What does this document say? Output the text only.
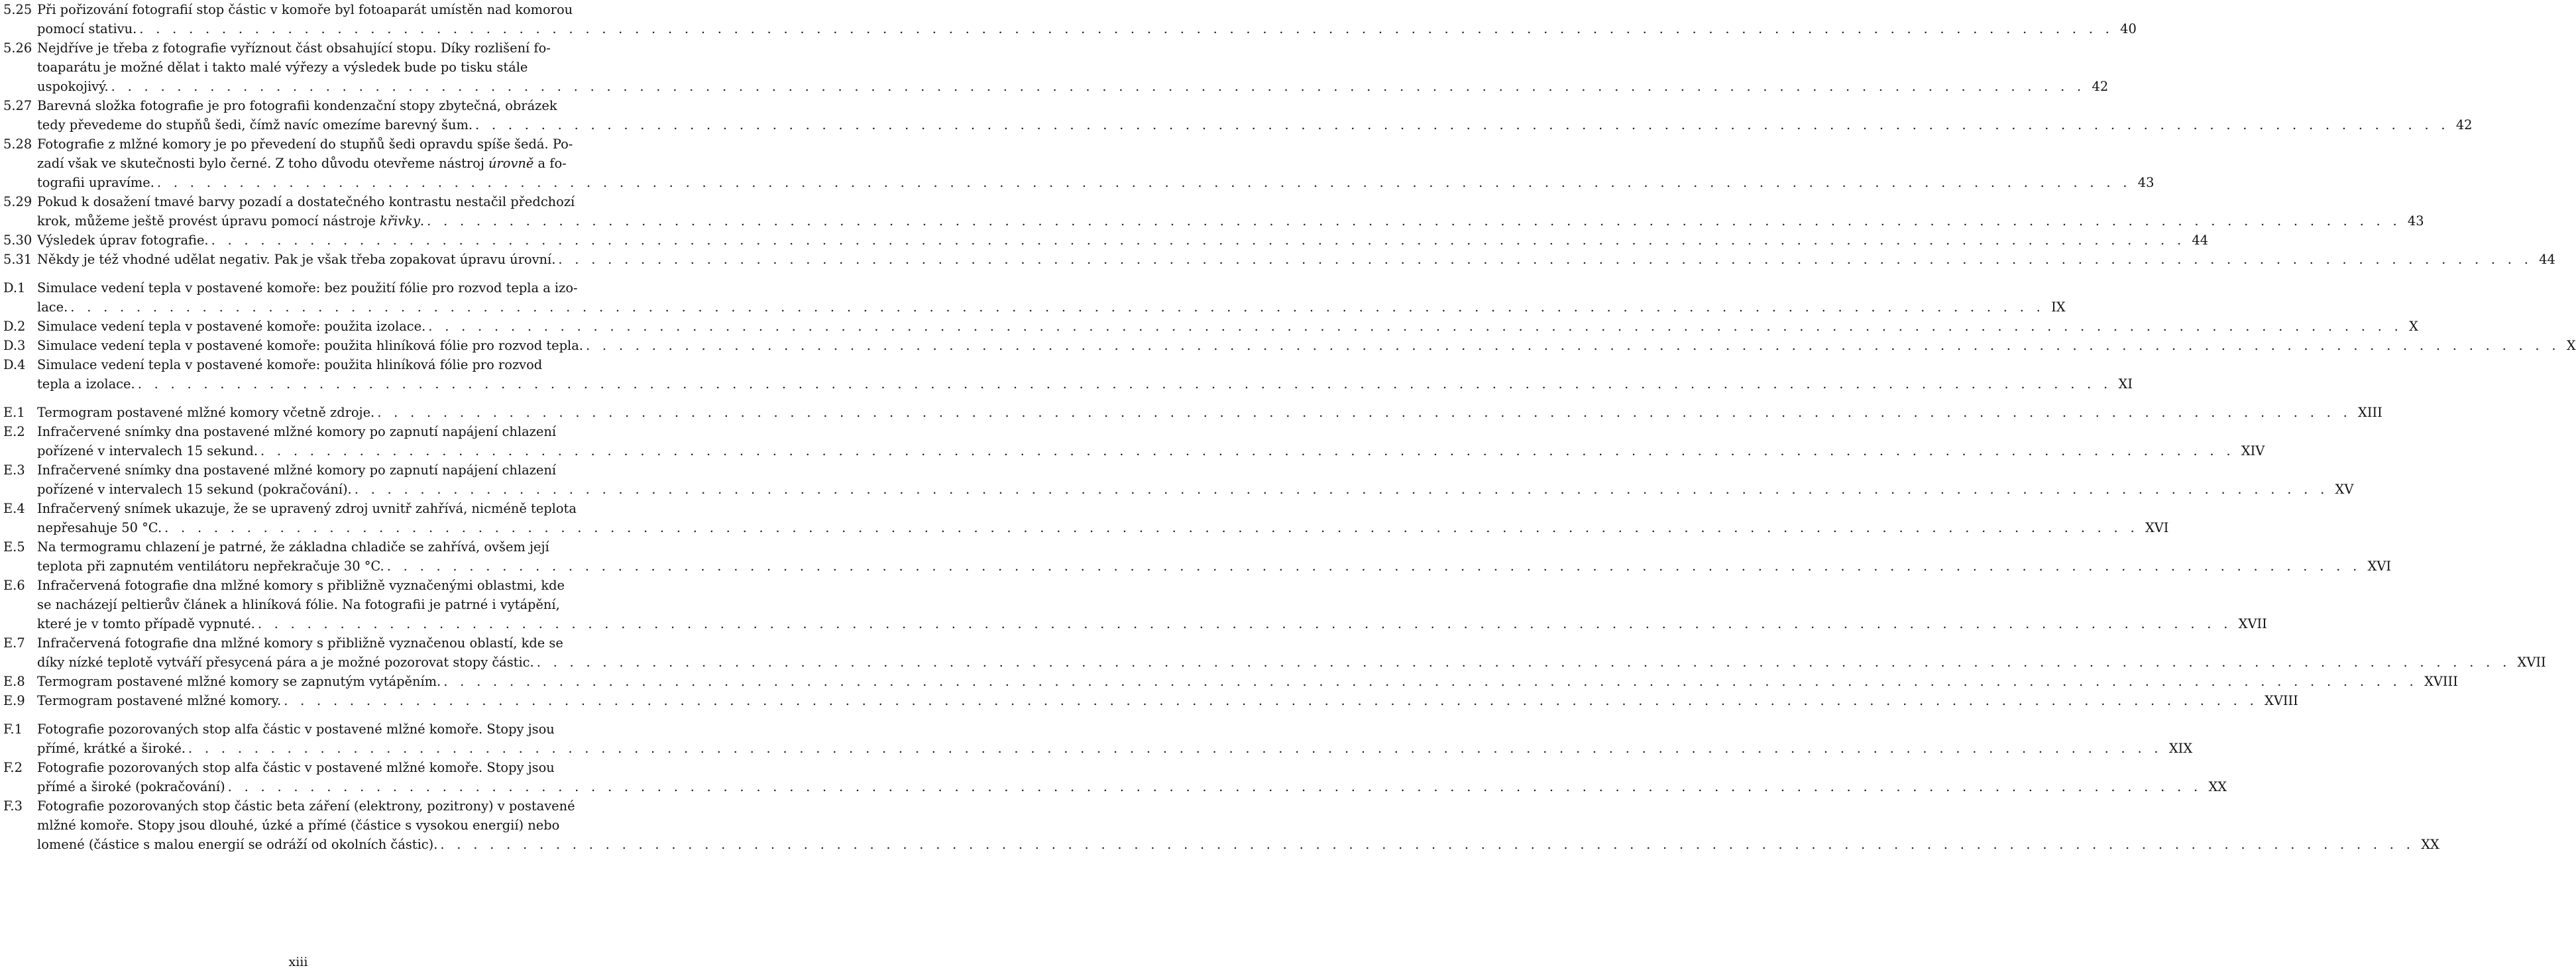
5.25 Při pořizování fotografií stop částic v komoře byl fotoaparát umístěn nad komorou
pomocí stativu. . . . . . . . . . . . . . . . . . . . . . . . . . . . . . . . . . . . . . . . . . . . . . . . . . . . . . . . . . . . . . . . . . . . . . . . . . . . . . . . . . . . . . . . . . . . . . . . . . . . . . . . . . . . . . . . . . . . . . . . . 40
5.26 Nejdříve je třeba z fotografie vyříznout část obsahující stopu. Díky rozlišení fo-
toaparátu je možné dělat i takto malé výřezy a výsledek bude po tisku stále
uspokojivý. . . . . . . . . . . . . . . . . . . . . . . . . . . . . . . . . . . . . . . . . . . . . . . . . . . . . . . . . . . . . . . . . . . . . . . . . . . . . . . . . . . . . . . . . . . . . . . . . . . . . . . . . . . . . . . . . . . . . . . . . 42
5.27 Barevná složka fotografie je pro fotografii kondenzační stopy zbytečná, obrázek
tedy převedeme do stupňů šedi, čímž navíc omezíme barevný šum. . . . . . . . . . . . . . . . . . . . . . . . . . . . . . . . . . . . . . . . . . . . . . . . . . . . . . . . . . . . . . . . . . . . . . . . . . . . . . . . . . . . . . . . . . . . . . . . . . . . . . . . . . . . . . . . . . . . . . . . . 42
5.28 Fotografie z mlžné komory je po převedení do stupňů šedi opravdu spíše šedá. Po-
zadí však ve skutečnosti bylo černé. Z toho důvodu otevřeme nástroj úrovně a fo-
tografii upravíme. . . . . . . . . . . . . . . . . . . . . . . . . . . . . . . . . . . . . . . . . . . . . . . . . . . . . . . . . . . . . . . . . . . . . . . . . . . . . . . . . . . . . . . . . . . . . . . . . . . . . . . . . . . . . . . . . . . . . . . . . 43
5.29 Pokud k dosažení tmavé barvy pozadí a dostatečného kontrastu nestačil předchozí
krok, můžeme ještě provést úpravu pomocí nástroje křivky. . . . . . . . . . . . . . . . . . . . . . . . . . . . . . . . . . . . . . . . . . . . . . . . . . . . . . . . . . . . . . . . . . . . . . . . . . . . . . . . . . . . . . . . . . . . . . . . . . . . . . . . . . . . . . . . . . . . . . . . . 43
5.30 Výsledek úprav fotografie. . . . . . . . . . . . . . . . . . . . . . . . . . . . . . . . . . . . . . . . . . . . . . . . . . . . . . . . . . . . . . . . . . . . . . . . . . . . . . . . . . . . . . . . . . . . . . . . . . . . . . . . . . . . . . . . . . . . . . . . . 44
5.31 Někdy je též vhodné udělat negativ. Pak je však třeba zopakovat úpravu úrovní. . . . . . . . . . . . . . . . . . . . . . . . . . . . . . . . . . . . . . . . . . . . . . . . . . . . . . . . . . . . . . . . . . . . . . . . . . . . . . . . . . . . . . . . . . . . . . . . . . . . . . . . . . . . . . . . . . . . . . . . . 44
D.1 Simulace vedení tepla v postavené komoře: bez použití fólie pro rozvod tepla a izo-
lace. . . . . . . . . . . . . . . . . . . . . . . . . . . . . . . . . . . . . . . . . . . . . . . . . . . . . . . . . . . . . . . . . . . . . . . . . . . . . . . . . . . . . . . . . . . . . . . . . . . . . . . . . . . . . . . . . . . . . . . . . IX
D.2 Simulace vedení tepla v postavené komoře: použita izolace. . . . . . . . . . . . . . . . . . . . . . . . . . . . . . . . . . . . . . . . . . . . . . . . . . . . . . . . . . . . . . . . . . . . . . . . . . . . . . . . . . . . . . . . . . . . . . . . . . . . . . . . . . . . . . . . . . . . . . . . . X
D.3 Simulace vedení tepla v postavené komoře: použita hliníková fólie pro rozvod tepla. . . . . . . . . . . . . . . . . . . . . . . . . . . . . . . . . . . . . . . . . . . . . . . . . . . . . . . . . . . . . . . . . . . . . . . . . . . . . . . . . . . . . . . . . . . . . . . . . . . . . . . . . . . . . . . . . . . . . . . . . X
D.4 Simulace vedení tepla v postavené komoře: použita hliníková fólie pro rozvod
tepla a izolace. . . . . . . . . . . . . . . . . . . . . . . . . . . . . . . . . . . . . . . . . . . . . . . . . . . . . . . . . . . . . . . . . . . . . . . . . . . . . . . . . . . . . . . . . . . . . . . . . . . . . . . . . . . . . . . . . . . . . . . . . XI
E.1 Termogram postavené mlžné komory včetně zdroje. . . . . . . . . . . . . . . . . . . . . . . . . . . . . . . . . . . . . . . . . . . . . . . . . . . . . . . . . . . . . . . . . . . . . . . . . . . . . . . . . . . . . . . . . . . . . . . . . . . . . . . . . . . . . . . . . . . . . . . . . XIII
E.2 Infračervené snímky dna postavené mlžné komory po zapnutí napájení chlazení
pořízené v intervalech 15 sekund. . . . . . . . . . . . . . . . . . . . . . . . . . . . . . . . . . . . . . . . . . . . . . . . . . . . . . . . . . . . . . . . . . . . . . . . . . . . . . . . . . . . . . . . . . . . . . . . . . . . . . . . . . . . . . . . . . . . . . . . . XIV
E.3 Infračervené snímky dna postavené mlžné komory po zapnutí napájení chlazení
pořízené v intervalech 15 sekund (pokračování). . . . . . . . . . . . . . . . . . . . . . . . . . . . . . . . . . . . . . . . . . . . . . . . . . . . . . . . . . . . . . . . . . . . . . . . . . . . . . . . . . . . . . . . . . . . . . . . . . . . . . . . . . . . . . . . . . . . . . . . . XV
E.4 Infračervený snímek ukazuje, že se upravený zdroj uvnitř zahřívá, nicméně teplota
nepřesahuje 50 °C. . . . . . . . . . . . . . . . . . . . . . . . . . . . . . . . . . . . . . . . . . . . . . . . . . . . . . . . . . . . . . . . . . . . . . . . . . . . . . . . . . . . . . . . . . . . . . . . . . . . . . . . . . . . . . . . . . . . . . . . . XVI
E.5 Na termogramu chlazení je patrné, že základna chladiče se zahřívá, ovšem její
teplota při zapnutém ventilátoru nepřekračuje 30 °C. . . . . . . . . . . . . . . . . . . . . . . . . . . . . . . . . . . . . . . . . . . . . . . . . . . . . . . . . . . . . . . . . . . . . . . . . . . . . . . . . . . . . . . . . . . . . . . . . . . . . . . . . . . . . . . . . . . . . . . . . XVI
E.6 Infračervená fotografie dna mlžné komory s přibližně vyznačenými oblastmi, kde
se nacházejí peltierův článek a hliníková fólie. Na fotografii je patrné i vytápění,
které je v tomto případě vypnuté. . . . . . . . . . . . . . . . . . . . . . . . . . . . . . . . . . . . . . . . . . . . . . . . . . . . . . . . . . . . . . . . . . . . . . . . . . . . . . . . . . . . . . . . . . . . . . . . . . . . . . . . . . . . . . . . . . . . . . . . . XVII
E.7 Infračervená fotografie dna mlžné komory s přibližně vyznačenou oblastí, kde se
díky nízké teplotě vytváří přesycená pára a je možné pozorovat stopy částic. . . . . . . . . . . . . . . . . . . . . . . . . . . . . . . . . . . . . . . . . . . . . . . . . . . . . . . . . . . . . . . . . . . . . . . . . . . . . . . . . . . . . . . . . . . . . . . . . . . . . . . . . . . . . . . . . . . . . . . . . XVII
E.8 Termogram postavené mlžné komory se zapnutým vytápěním. . . . . . . . . . . . . . . . . . . . . . . . . . . . . . . . . . . . . . . . . . . . . . . . . . . . . . . . . . . . . . . . . . . . . . . . . . . . . . . . . . . . . . . . . . . . . . . . . . . . . . . . . . . . . . . . . . . . . . . . . XVIII
E.9 Termogram postavené mlžné komory. . . . . . . . . . . . . . . . . . . . . . . . . . . . . . . . . . . . . . . . . . . . . . . . . . . . . . . . . . . . . . . . . . . . . . . . . . . . . . . . . . . . . . . . . . . . . . . . . . . . . . . . . . . . . . . . . . . . . . . . . XVIII
F.1	Fotografie pozorovaných stop alfa částic v postavené mlžné komoře. Stopy jsou
přímé, krátké a široké. . . . . . . . . . . . . . . . . . . . . . . . . . . . . . . . . . . . . . . . . . . . . . . . . . . . . . . . . . . . . . . . . . . . . . . . . . . . . . . . . . . . . . . . . . . . . . . . . . . . . . . . . . . . . . . . . . . . . . . . . XIX
F.2	Fotografie pozorovaných stop alfa částic v postavené mlžné komoře. Stopy jsou
přímé a široké (pokračování) . . . . . . . . . . . . . . . . . . . . . . . . . . . . . . . . . . . . . . . . . . . . . . . . . . . . . . . . . . . . . . . . . . . . . . . . . . . . . . . . . . . . . . . . . . . . . . . . . . . . . . . . . . . . . . . . . . . . . . . . XX
F.3	Fotografie pozorovaných stop částic beta záření (elektrony, pozitrony) v postavené
mlžné komoře. Stopy jsou dlouhé, úzké a přímé (částice s vysokou energií) nebo
lomené (částice s malou energií se odráží od okolních částic). . . . . . . . . . . . . . . . . . . . . . . . . . . . . . . . . . . . . . . . . . . . . . . . . . . . . . . . . . . . . . . . . . . . . . . . . . . . . . . . . . . . . . . . . . . . . . . . . . . . . . . . . . . . . . . . . . . . . . . . . XX
xiii
